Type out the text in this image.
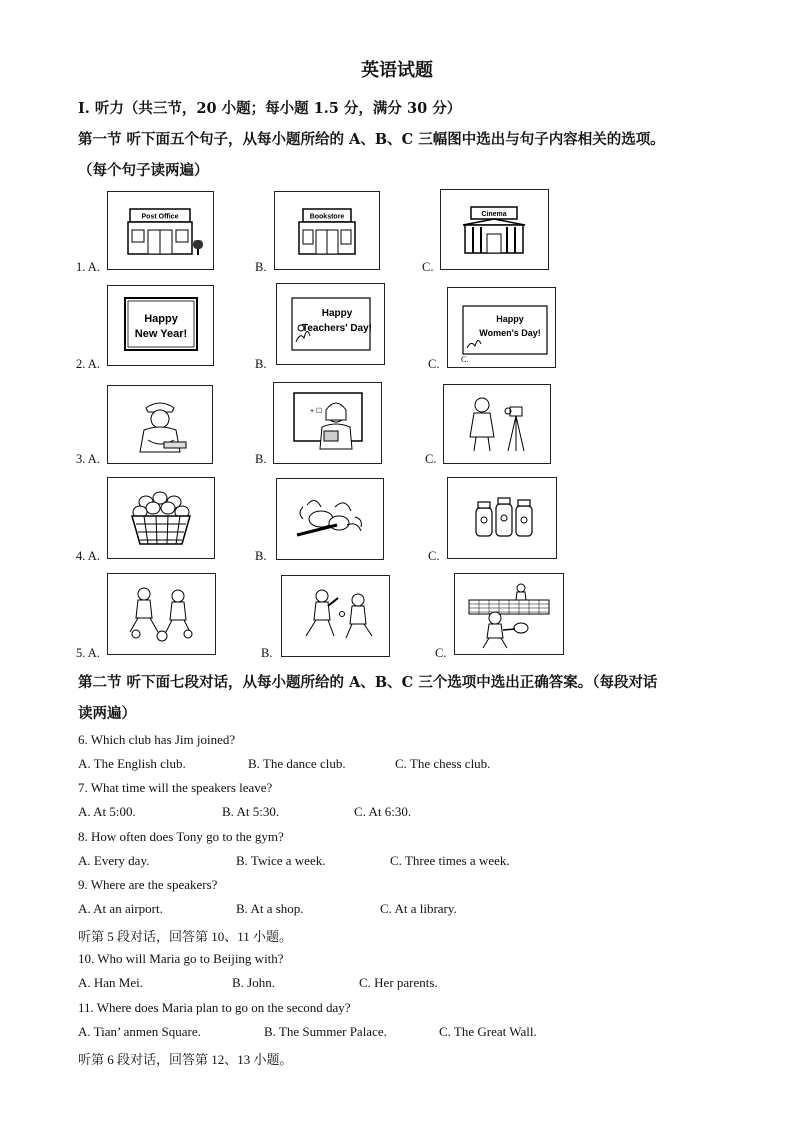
英语试题
Ⅰ. 听力（共三节，20 小题；每小题 1.5 分，满分 30 分）
第一节 听下面五个句子，从每小题所给的 A、B、C 三幅图中选出与句子内容相关的选项。
（每个句子读两遍）
1. A.
Post Office
B.
Bookstore
C.
Cinema
2. A.
Happy
New Year!
B.
Happy
Teachers' Day!
C.
Happy
Women's Day!
C.
3. A.	B.
+ ☐
C.
4. A.	B.	C.
5. A.	B.	C.
第二节 听下面七段对话，从每小题所给的 A、B、C 三个选项中选出正确答案。（每段对话
读两遍）
6. Which club has Jim joined?
A. The English club.	B. The dance club.	C. The chess club.
7. What time will the speakers leave?
A. At 5:00.	B. At 5:30.	C. At 6:30.
8. How often does Tony go to the gym?
A. Every day.	B. Twice a week.	C. Three times a week.
9. Where are the speakers?
A. At an airport.	B. At a shop.	C. At a library.
听第 5 段对话，回答第 10、11 小题。
10. Who will Maria go to Beijing with?
A. Han Mei.	B. John.	C. Her parents.
11. Where does Maria plan to go on the second day?
A. Tian’ anmen Square.	B. The Summer Palace.	C. The Great Wall.
听第 6 段对话，回答第 12、13 小题。
